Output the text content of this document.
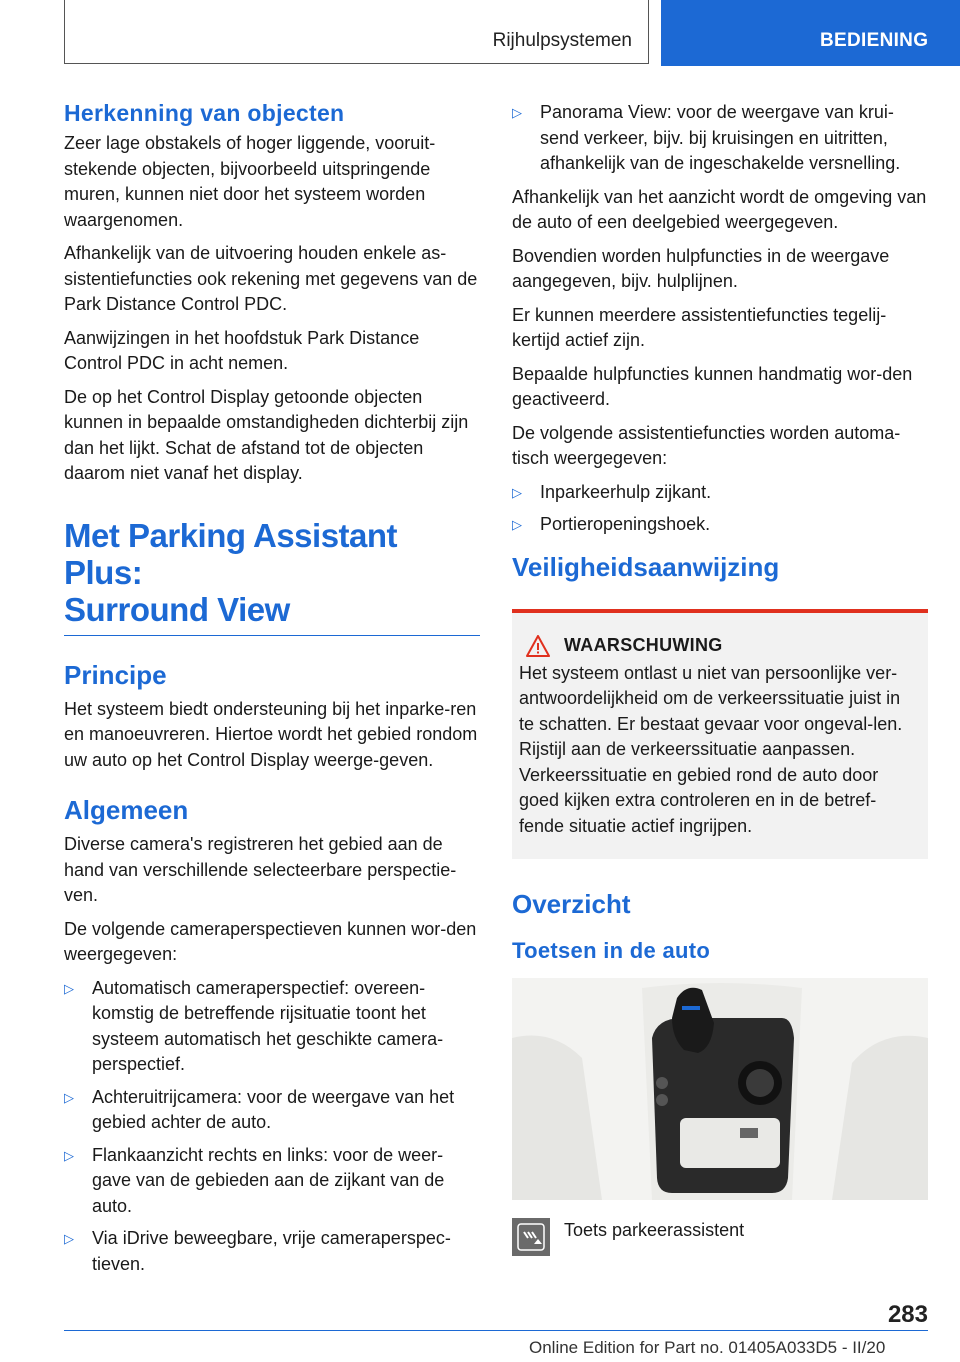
Rijhulpsystemen	BEDIENING
Herkenning van objecten

Zeer lage obstakels of hoger liggende, vooruit-stekende objecten, bijvoorbeeld uitspringende muren, kunnen niet door het systeem worden waargenomen.

Afhankelijk van de uitvoering houden enkele as-sistentiefuncties ook rekening met gegevens van de Park Distance Control PDC.

Aanwijzingen in het hoofdstuk Park Distance Control PDC in acht nemen.

De op het Control Display getoonde objecten kunnen in bepaalde omstandigheden dichterbij zijn dan het lijkt. Schat de afstand tot de objecten daarom niet vanaf het display.

Met Parking Assistant Plus:
Surround View
Principe

Het systeem biedt ondersteuning bij het inparke-ren en manoeuvreren. Hiertoe wordt het gebied rondom uw auto op het Control Display weerge-geven.

Algemeen

Diverse camera's registreren het gebied aan de hand van verschillende selecteerbare perspectie-ven.

De volgende cameraperspectieven kunnen wor-den weergegeven:

▷ Automatisch cameraperspectief: overeen-komstig de betreffende rijsituatie toont het systeem automatisch het geschikte camera-perspectief.
▷ Achteruitrijcamera: voor de weergave van het gebied achter de auto.
▷ Flankaanzicht rechts en links: voor de weer-gave van de gebieden aan de zijkant van de auto.
▷ Via iDrive beweegbare, vrije cameraperspec-tieven.
▷ Panorama View: voor de weergave van krui-send verkeer, bijv. bij kruisingen en uitritten, afhankelijk van de ingeschakelde versnelling.

Afhankelijk van het aanzicht wordt de omgeving van de auto of een deelgebied weergegeven.

Bovendien worden hulpfuncties in de weergave aangegeven, bijv. hulplijnen.

Er kunnen meerdere assistentiefuncties tegelij-kertijd actief zijn.

Bepaalde hulpfuncties kunnen handmatig wor-den geactiveerd.

De volgende assistentiefuncties worden automa-tisch weergegeven:

▷ Inparkeerhulp zijkant.
▷ Portieropeningshoek.
Veiligheidsaanwijzing
WAARSCHUWING

Het systeem ontlast u niet van persoonlijke ver-antwoordelijkheid om de verkeerssituatie juist in te schatten. Er bestaat gevaar voor ongeval-len. Rijstijl aan de verkeerssituatie aanpassen. Verkeerssituatie en gebied rond de auto door goed kijken extra controleren en in de betref-fende situatie actief ingrijpen.

Overzicht
Toetsen in de auto
Toets parkeerassistent
283
Online Edition for Part no. 01405A033D5 - II/20
